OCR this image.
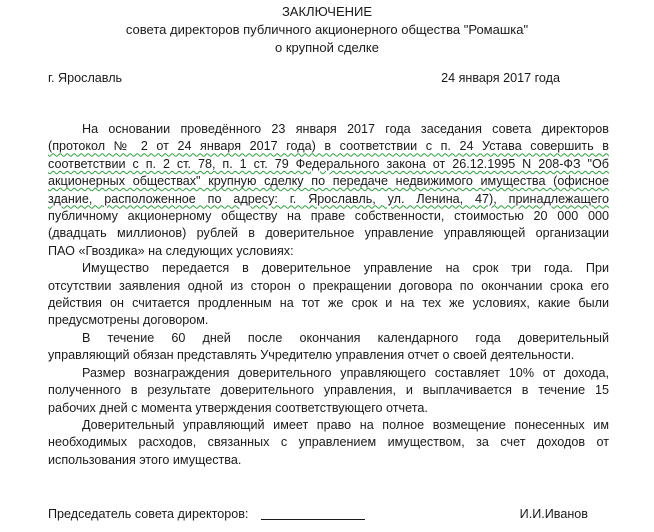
ЗАКЛЮЧЕНИЕ
совета директоров публичного акционерного общества "Ромашка"
о крупной сделке
г. Ярославль	24 января 2017 года

На основании проведённого 23 января 2017 года заседания совета директоров
(протокол № 2 от 24 января 2017 года) в соответствии с п. 24 Устава совершить в
соответствии с п. 2 ст. 78, п. 1 ст. 79 Федерального закона от 26.12.1995 N 208-ФЗ "Об
акционерных обществах" крупную сделку по передаче недвижимого имущества (офисное
здание, расположенное по адресу: г. Ярославль, ул. Ленина, 47), принадлежащего
публичному акционерному обществу на праве собственности, стоимостью 20 000 000
(двадцать миллионов) рублей в доверительное управление управляющей организации
ПАО «Гвоздика» на следующих условиях:

Имущество передается в доверительное управление на срок три года. При
отсутствии заявления одной из сторон о прекращении договора по окончании срока его
действия он считается продленным на тот же срок и на тех же условиях, какие были
предусмотрены договором.

В течение 60 дней после окончания календарного года доверительный
управляющий обязан представлять Учредителю управления отчет о своей деятельности.

Размер вознаграждения доверительного управляющего составляет 10% от дохода,
полученного в результате доверительного управления, и выплачивается в течение 15
рабочих дней с момента утверждения соответствующего отчета.

Доверительный управляющий имеет право на полное возмещение понесенных им
необходимых расходов, связанных с управлением имуществом, за счет доходов от
использования этого имущества.

Председатель совета директоров:	И.И.Иванов
